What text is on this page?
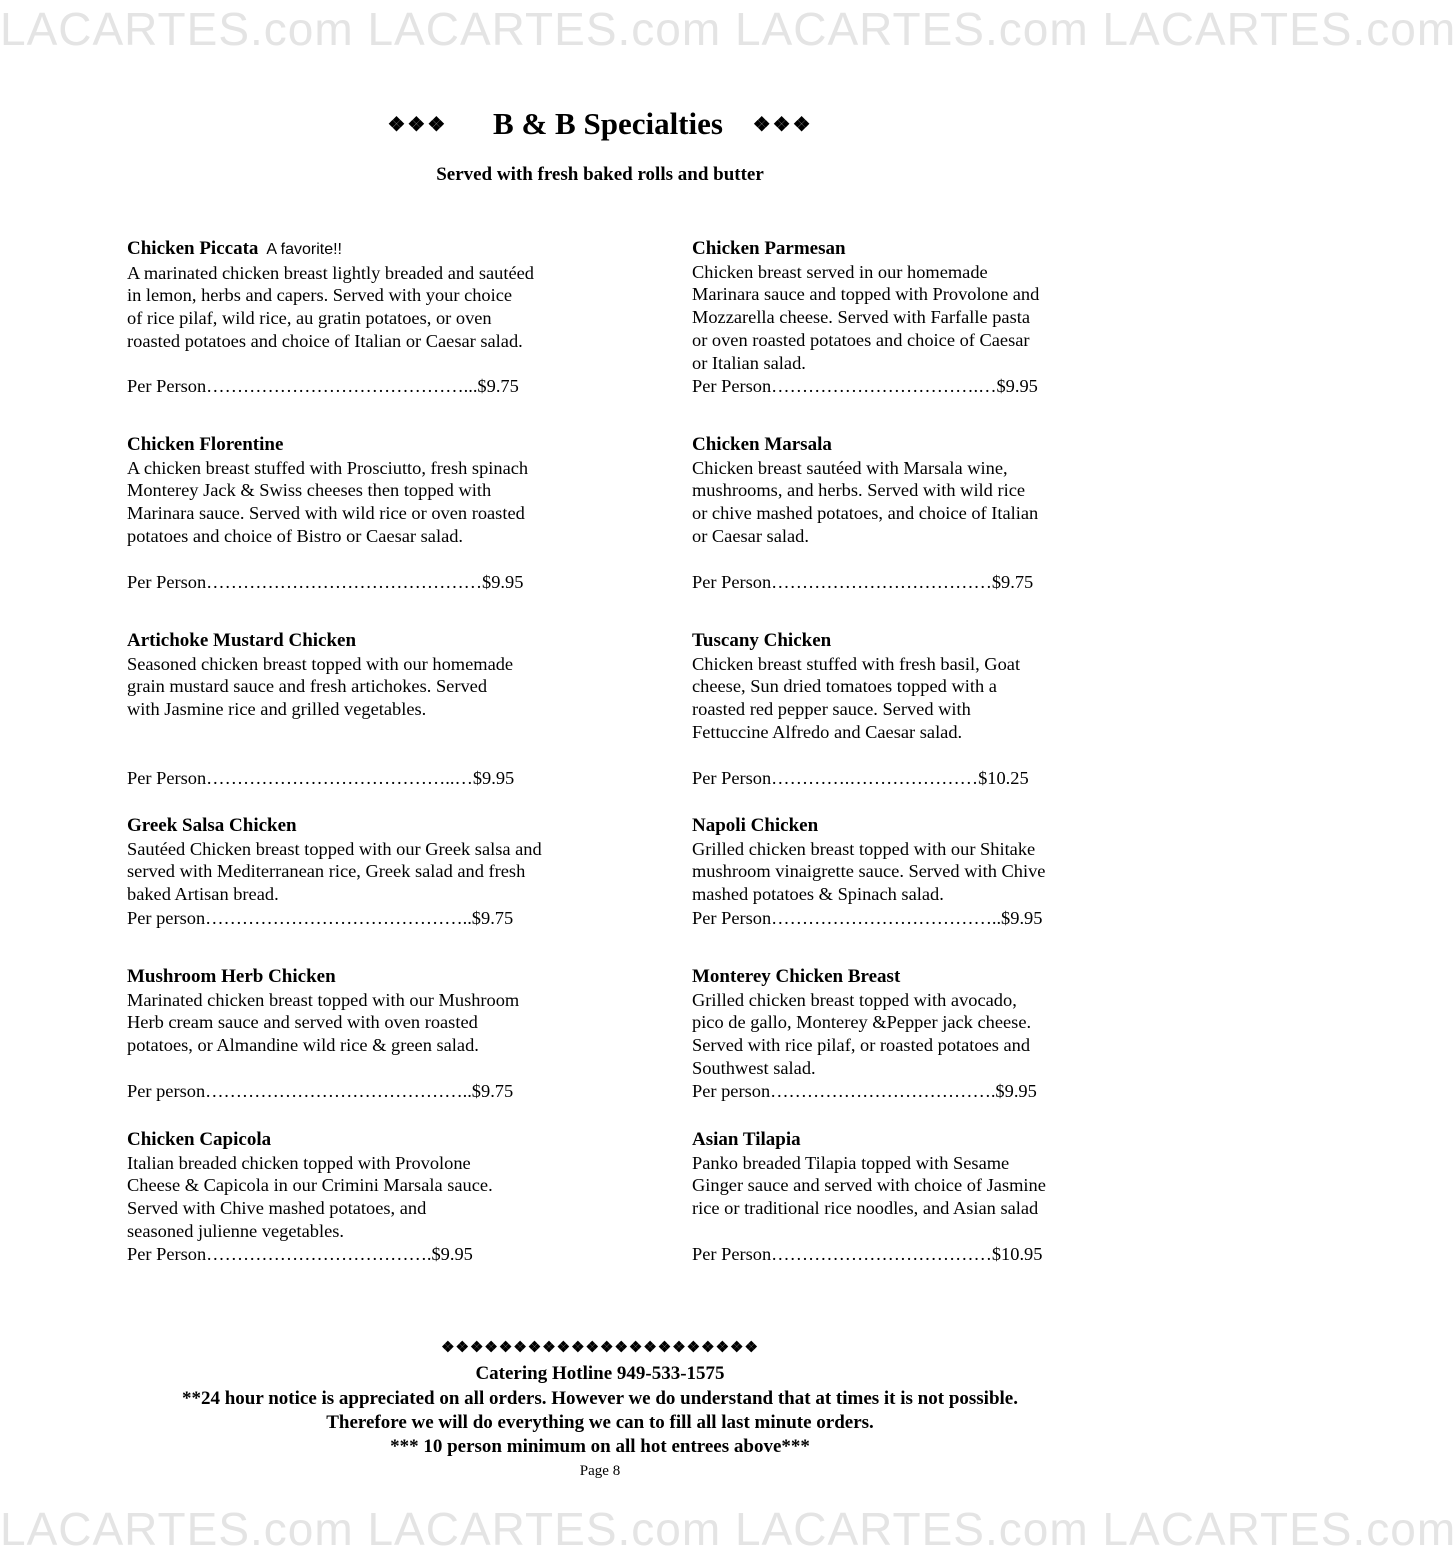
LACARTES.com LACARTES.com LACARTES.com LACARTES.com
❖❖❖ B & B Specialties ❖❖❖
Served with fresh baked rolls and butter
Chicken Piccata A favorite!!
A marinated chicken breast lightly breaded and sautéed
in lemon, herbs and capers. Served with your choice
of rice pilaf, wild rice, au gratin potatoes, or oven
roasted potatoes and choice of Italian or Caesar salad.
Per Person……………………………………...$9.75
Chicken Parmesan
Chicken breast served in our homemade
Marinara sauce and topped with Provolone and
Mozzarella cheese. Served with Farfalle pasta
or oven roasted potatoes and choice of Caesar
or Italian salad.
Per Person…………………………….…$9.95
Chicken Florentine
A chicken breast stuffed with Prosciutto, fresh spinach
Monterey Jack & Swiss cheeses then topped with
Marinara sauce. Served with wild rice or oven roasted
potatoes and choice of Bistro or Caesar salad.
Per Person………………………………………$9.95
Chicken Marsala
Chicken breast sautéed with Marsala wine,
mushrooms, and herbs. Served with wild rice
or chive mashed potatoes, and choice of Italian
or Caesar salad.
Per Person………………………………$9.75
Artichoke Mustard Chicken
Seasoned chicken breast topped with our homemade
grain mustard sauce and fresh artichokes. Served
with Jasmine rice and grilled vegetables.
Per Person…………………………………..…$9.95
Tuscany Chicken
Chicken breast stuffed with fresh basil, Goat
cheese, Sun dried tomatoes topped with a
roasted red pepper sauce. Served with
Fettuccine Alfredo and Caesar salad.
Per Person………….…………………$10.25
Greek Salsa Chicken
Sautéed Chicken breast topped with our Greek salsa and
served with Mediterranean rice, Greek salad and fresh
baked Artisan bread.
Per person……………………………………..$9.75
Napoli Chicken
Grilled chicken breast topped with our Shitake
mushroom vinaigrette sauce. Served with Chive
mashed potatoes & Spinach salad.
Per Person………………………………..$9.95
Mushroom Herb Chicken
Marinated chicken breast topped with our Mushroom
Herb cream sauce and served with oven roasted
potatoes, or Almandine wild rice & green salad.
Per person……………………………………..$9.75
Monterey Chicken Breast
Grilled chicken breast topped with avocado,
pico de gallo, Monterey &Pepper jack cheese.
Served with rice pilaf, or roasted potatoes and
Southwest salad.
Per person……………………………….$9.95
Chicken Capicola
Italian breaded chicken topped with Provolone
Cheese & Capicola in our Crimini Marsala sauce.
Served with Chive mashed potatoes, and
seasoned julienne vegetables.
Per Person……………………………….$9.95
Asian Tilapia
Panko breaded Tilapia topped with Sesame
Ginger sauce and served with choice of Jasmine
rice or traditional rice noodles, and Asian salad
Per Person………………………………$10.95
❖❖❖❖❖❖❖❖❖❖❖❖❖❖❖❖❖❖❖❖❖❖
Catering Hotline 949-533-1575
**24 hour notice is appreciated on all orders. However we do understand that at times it is not possible.
Therefore we will do everything we can to fill all last minute orders.
*** 10 person minimum on all hot entrees above***
Page 8
LACARTES.com LACARTES.com LACARTES.com LACARTES.com
